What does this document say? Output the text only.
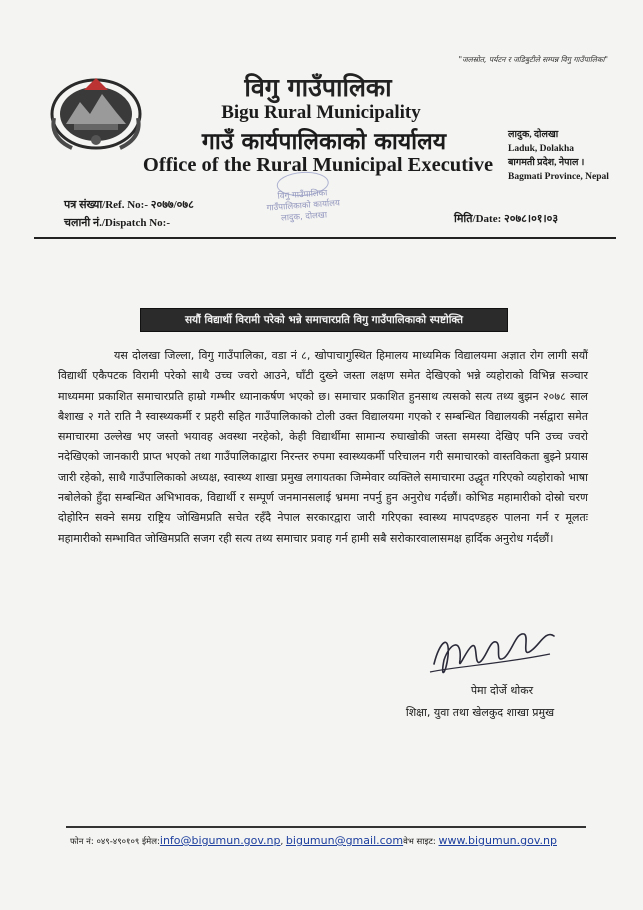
"जलस्रोत, पर्यटन र जडिबुटीले सम्पन्न विगु गाउँपालिका"
विगु गाउँपालिका
Bigu Rural Municipality
गाउँ कार्यपालिकाको कार्यालय
Office of the Rural Municipal Executive
लादुक, दोलखा
Laduk, Dolakha
बागमती प्रदेश, नेपाल ।
Bagmati Province, Nepal
पत्र संख्या/Ref. No:- २०७७/०७८
चलानी नं./Dispatch No:-
विगु गाउँपालिका
गाउँपालिकाको कार्यालय
लादुक, दोलखा	मिति/Date: २०७८।०१।०३
सयौं विद्यार्थी विरामी परेको भन्ने समाचारप्रति विगु गाउँपालिकाको स्पष्टोक्ति

यस दोलखा जिल्ला, विगु गाउँपालिका, वडा नं ८, खोपाचागुस्थित हिमालय माध्यमिक विद्यालयमा अज्ञात रोग लागी सयौं विद्यार्थी एकैपटक विरामी परेको साथै उच्च ज्वरो आउने, घाँटी दुख्ने जस्ता लक्षण समेत देखिएको भन्ने व्यहोराको विभिन्न सञ्चार माध्यममा प्रकाशित समाचारप्रति हाम्रो गम्भीर ध्यानाकर्षण भएको छ। समाचार प्रकाशित हुनसाथ त्यसको सत्य तथ्य बुझन २०७८ साल बैशाख २ गते राति नै स्वास्थ्यकर्मी र प्रहरी सहित गाउँपालिकाको टोली उक्त विद्यालयमा गएको र सम्बन्धित विद्यालयकी नर्सद्वारा समेत समाचारमा उल्लेख भए जस्तो भयावह अवस्था नरहेको, केही विद्यार्थीमा सामान्य रुघाखोकी जस्ता समस्या देखिए पनि उच्च ज्वरो नदेखिएको जानकारी प्राप्त भएको तथा गाउँपालिकाद्वारा निरन्तर रुपमा स्वास्थ्यकर्मी परिचालन गरी समाचारको वास्तविकता बुझ्ने प्रयास जारी रहेको, साथै गाउँपालिकाको अध्यक्ष, स्वास्थ्य शाखा प्रमुख लगायतका जिम्मेवार व्यक्तिले समाचारमा उद्धृत गरिएको व्यहोराको भाषा नबोलेको हुँदा सम्बन्धित अभिभावक, विद्यार्थी र सम्पूर्ण जनमानसलाई भ्रममा नपर्नु हुन अनुरोध गर्दछौं। कोभिड महामारीको दोस्रो चरण दोहोरिन सक्ने समग्र राष्ट्रिय जोखिमप्रति सचेत रहँदै नेपाल सरकारद्वारा जारी गरिएका स्वास्थ्य मापदण्डहरु पालना गर्न र मूलतः महामारीको सम्भावित जोखिमप्रति सजग रही सत्य तथ्य समाचार प्रवाह गर्न हामी सबै सरोकारवालासमक्ष हार्दिक अनुरोध गर्दछौं।

पेमा दोर्जे थोकर
शिक्षा, युवा तथा खेलकुद शाखा प्रमुख
फोन नं: ०४९-४९०१०९ ईमेल:info@bigumun.gov.np, bigumun@gmail.comवेभ साइट: www.bigumun.gov.np
